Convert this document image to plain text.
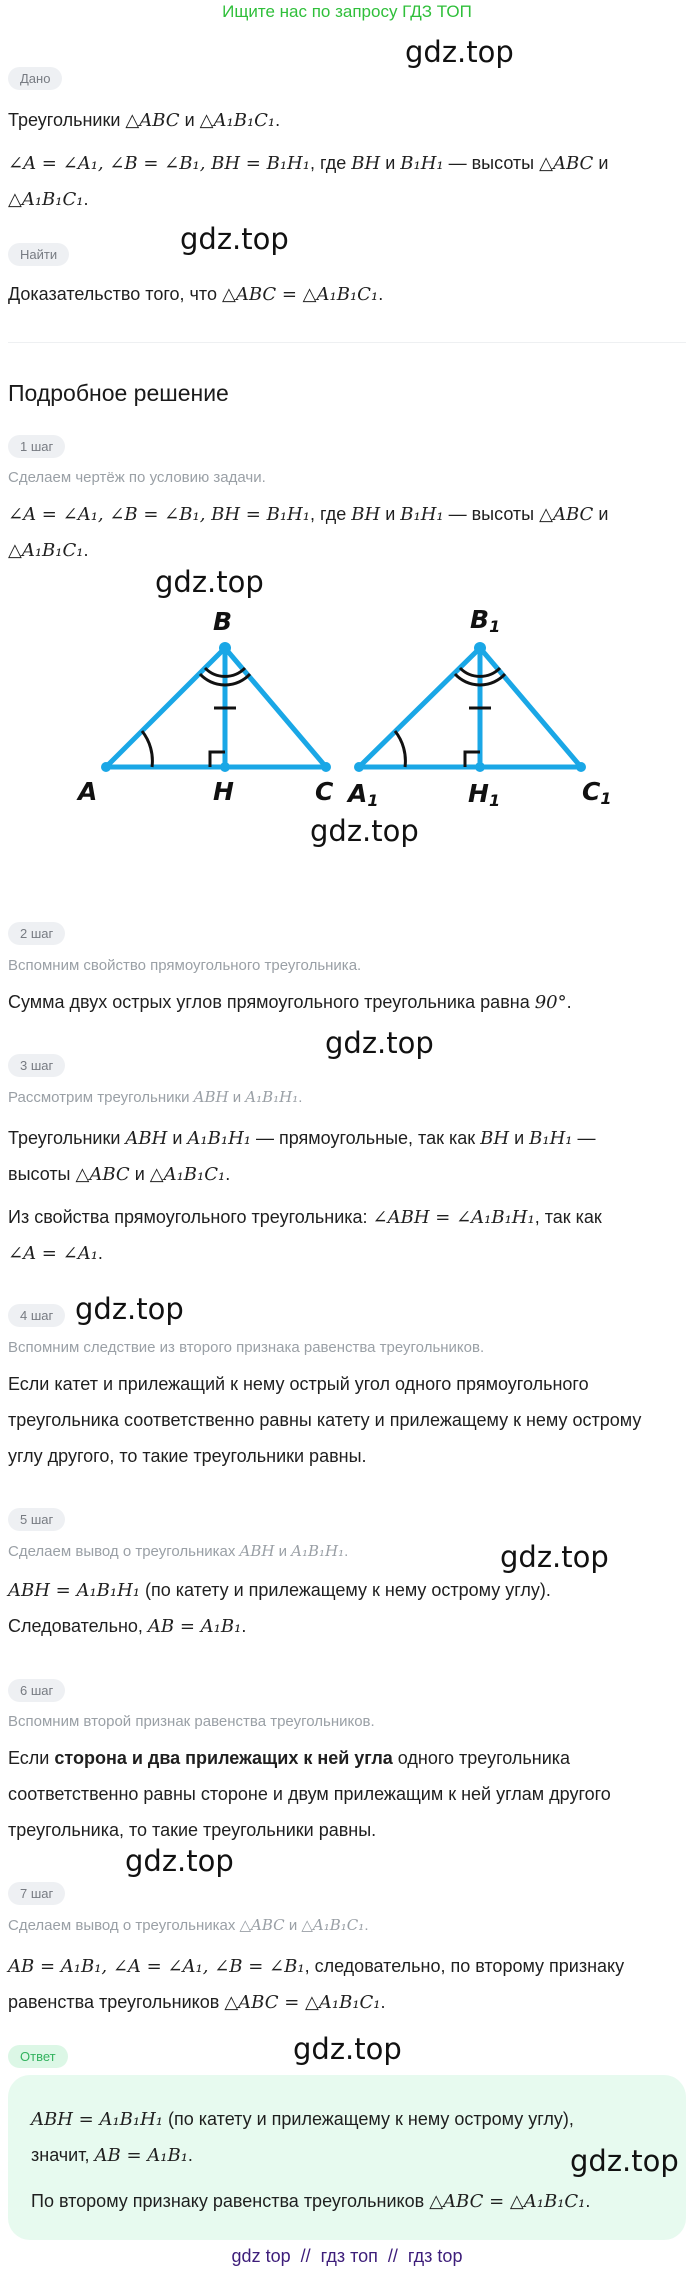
Ищите нас по запросу ГДЗ ТОП
gdz.top
gdz.top
gdz.top
gdz.top
gdz.top
gdz.top
gdz.top
gdz.top
gdz.top
gdz.top
Дано
Треугольники △ABC и △A₁B₁C₁.
∠A = ∠A₁, ∠B = ∠B₁, BH = B₁H₁, где BH и B₁H₁ — высоты △ABC и
△A₁B₁C₁.
Найти
Доказательство того, что △ABC = △A₁B₁C₁.
Подробное решение
1 шаг
Сделаем чертёж по условию задачи.
∠A = ∠A₁, ∠B = ∠B₁, BH = B₁H₁, где BH и B₁H₁ — высоты △ABC и
△A₁B₁C₁.
A
B
H	C A1
B1
H1	C1
2 шаг
Вспомним свойство прямоугольного треугольника.
Сумма двух острых углов прямоугольного треугольника равна 90°.
3 шаг
Рассмотрим треугольники ABH и A₁B₁H₁.
Треугольники ABH и A₁B₁H₁ — прямоугольные, так как BH и B₁H₁ —
высоты △ABC и △A₁B₁C₁.
Из свойства прямоугольного треугольника: ∠ABH = ∠A₁B₁H₁, так как
∠A = ∠A₁.
4 шаг
Вспомним следствие из второго признака равенства треугольников.
Если катет и прилежащий к нему острый угол одного прямоугольного
треугольника соответственно равны катету и прилежащему к нему острому
углу другого, то такие треугольники равны.
5 шаг
Сделаем вывод о треугольниках ABH и A₁B₁H₁.
ABH = A₁B₁H₁ (по катету и прилежащему к нему острому углу).
Следовательно, AB = A₁B₁.
6 шаг
Вспомним второй признак равенства треугольников.
Если сторона и два прилежащих к ней угла одного треугольника
соответственно равны стороне и двум прилежащим к ней углам другого
треугольника, то такие треугольники равны.
7 шаг
Сделаем вывод о треугольниках △ABC и △A₁B₁C₁.
AB = A₁B₁, ∠A = ∠A₁, ∠B = ∠B₁, следовательно, по второму признаку
равенства треугольников △ABC = △A₁B₁C₁.
Ответ
ABH = A₁B₁H₁ (по катету и прилежащему к нему острому углу),
значит, AB = A₁B₁.
По второму признаку равенства треугольников △ABC = △A₁B₁C₁.
gdz top  //  гдз топ  //  гдз top
